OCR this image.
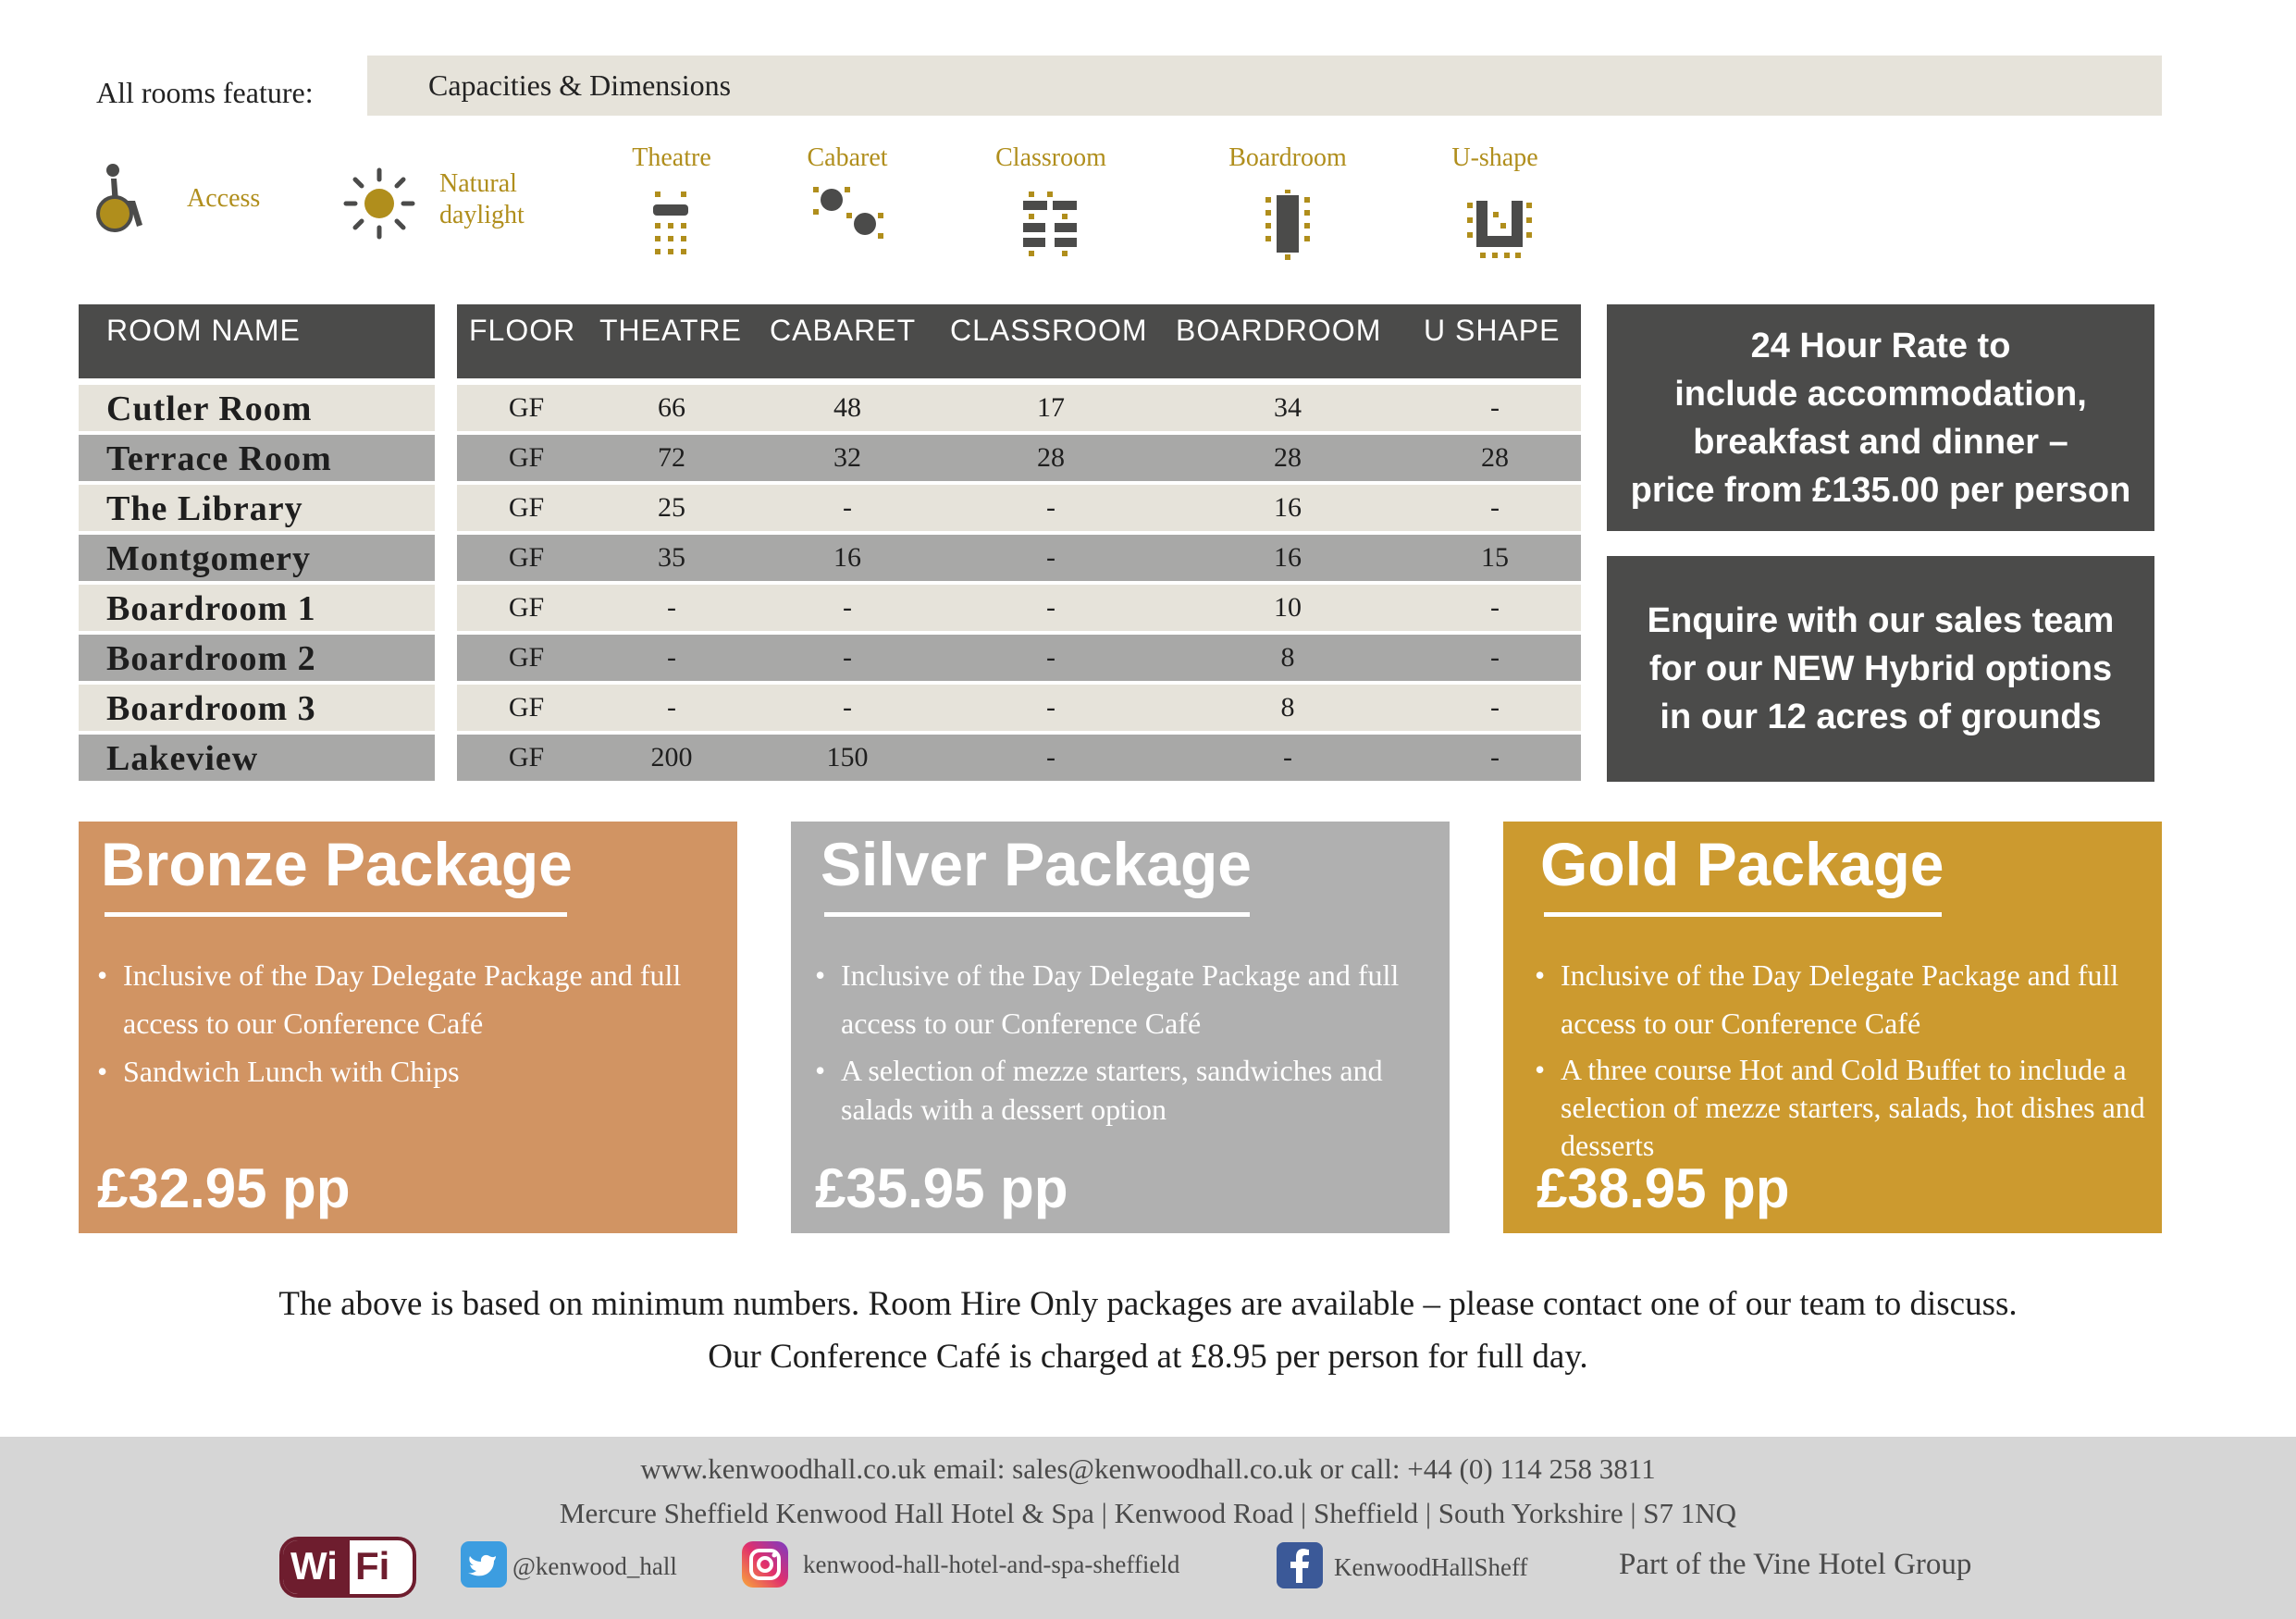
All rooms feature:	Capacities & Dimensions
Access
Natural
daylight
Theatre	Cabaret	Classroom	Boardroom	U-shape
ROOM NAME	FLOOR THEATRE CABARET CLASSROOM BOARDROOM U SHAPE
Cutler Room	GF	66	48	17	34	-
Terrace Room	GF	72	32	28	28	28
The Library	GF	25	-	-	16	-
Montgomery	GF	35	16	-	16	15
Boardroom 1	GF	-	-	-	10	-
Boardroom 2	GF	-	-	-	8	-
Boardroom 3	GF	-	-	-	8	-
Lakeview	GF	200	150	-	-	-
24 Hour Rate to
include accommodation,
breakfast and dinner –
price from £135.00 per person
Enquire with our sales team
for our NEW Hybrid options
in our 12 acres of grounds
Bronze Package
• Inclusive of the Day Delegate Package and full access to our Conference Café
• Sandwich Lunch with Chips
£32.95 pp
Silver Package
• Inclusive of the Day Delegate Package and full access to our Conference Café
• A selection of mezze starters, sandwiches and salads with a dessert option
£35.95 pp
Gold Package
• Inclusive of the Day Delegate Package and full access to our Conference Café
• A three course Hot and Cold Buffet to include a selection of mezze starters, salads, hot dishes and desserts
£38.95 pp
The above is based on minimum numbers. Room Hire Only packages are available – please contact one of our team to discuss.
Our Conference Café is charged at £8.95 per person for full day.
www.kenwoodhall.co.uk email: sales@kenwoodhall.co.uk or call: +44 (0) 114 258 3811
Mercure Sheffield Kenwood Hall Hotel & Spa | Kenwood Road | Sheffield | South Yorkshire | S7 1NQ
Wi Fi	@kenwood_hall	kenwood-hall-hotel-and-spa-sheffield	KenwoodHallSheff	Part of the Vine Hotel Group
